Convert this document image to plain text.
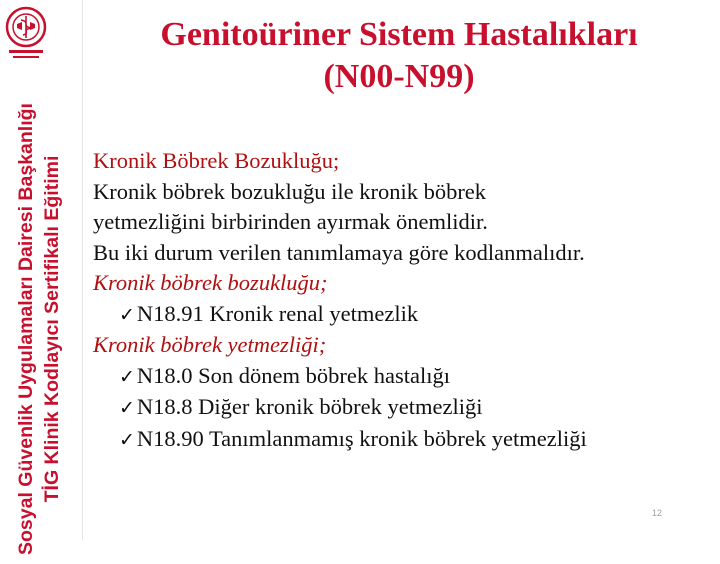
Sosyal Güvenlik Uygulamaları Dairesi Başkanlığı TİG Klinik Kodlayıcı Sertifikalı Eğitimi
Genitoüriner Sistem Hastalıkları
(N00-N99)
Kronik Böbrek Bozukluğu;
Kronik böbrek bozukluğu ile kronik böbrek
yetmezliğini birbirinden ayırmak önemlidir.
Bu iki durum verilen tanımlamaya göre kodlanmalıdır.
Kronik böbrek bozukluğu;
✓N18.91 Kronik renal yetmezlik
Kronik böbrek yetmezliği;
✓N18.0 Son dönem böbrek hastalığı
✓N18.8 Diğer kronik böbrek yetmezliği
✓N18.90 Tanımlanmamış kronik böbrek yetmezliği
12
